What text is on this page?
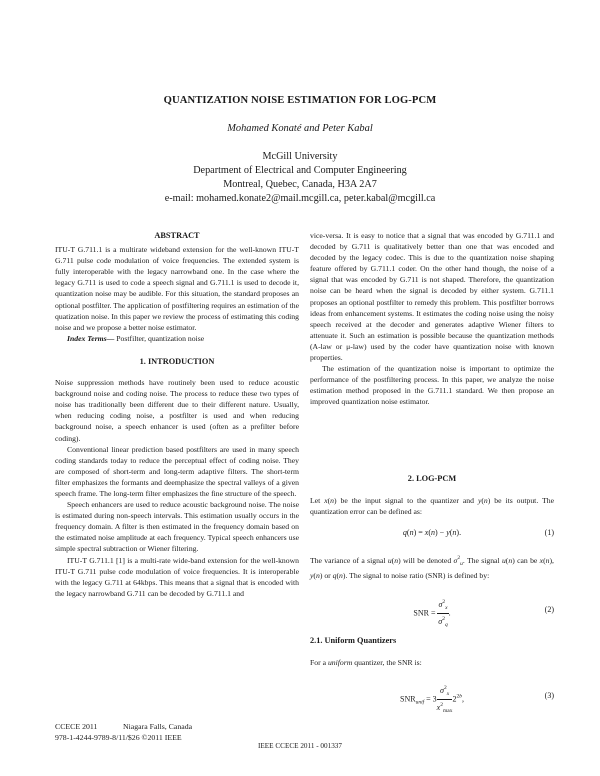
QUANTIZATION NOISE ESTIMATION FOR LOG-PCM
Mohamed Konaté and Peter Kabal
McGill University
Department of Electrical and Computer Engineering
Montreal, Quebec, Canada, H3A 2A7
e-mail: mohamed.konate2@mail.mcgill.ca, peter.kabal@mcgill.ca
ABSTRACT

ITU-T G.711.1 is a multirate wideband extension for the well-known ITU-T G.711 pulse code modulation of voice frequencies. The extended system is fully interoperable with the legacy narrowband one. In the case where the legacy G.711 is used to code a speech signal and G.711.1 is used to decode it, quantization noise may be audible. For this situation, the standard proposes an optional postfilter. The application of postfiltering requires an estimation of the quatization noise. In this paper we review the process of estimating this coding noise and we propose a better noise estimator.

Index Terms— Postfilter, quantization noise

1. INTRODUCTION

Noise suppression methods have routinely been used to reduce acoustic background noise and coding noise. The process to reduce these two types of noise has traditionally been different due to their different nature. Usually, when reducing coding noise, a postfilter is used and when reducing background noise, a speech enhancer is used (often as a prefilter before coding).

Conventional linear prediction based postfilters are used in many speech coding standards today to reduce the perceptual effect of coding noise. They are composed of short-term and long-term adaptive filters. The short-term filter emphasizes the formants and deemphasize the spectral valleys of a given speech frame. The long-term filter emphasizes the fine structure of the speech.

Speech enhancers are used to reduce acoustic background noise. The noise is estimated during non-speech intervals. This estimation usually occurs in the frequency domain. A filter is then estimated in the frequency domain based on the estimated noise amplitude at each frequency. Typical speech enhancers use simple spectral subtraction or Wiener filtering.

ITU-T G.711.1 [1] is a multi-rate wide-band extension for the well-known ITU-T G.711 pulse code modulation of voice frequencies. It is interoperable with the legacy G.711 at 64kbps. This means that a signal that is encoded with the legacy narrowband G.711 can be decoded by G.711.1 and

vice-versa. It is easy to notice that a signal that was encoded by G.711.1 and decoded by G.711 is qualitatively better than one that was encoded and decoded by the legacy codec. This is due to the quantization noise shaping feature offered by G.711.1 coder. On the other hand though, the noise of a signal that was encoded by G.711 is not shaped. Therefore, the quantization noise can be heard when the signal is decoded by either system. G.711.1 proposes an optional postfilter to remedy this problem. This postfilter borrows ideas from enhancement systems. It estimates the coding noise using the noisy speech received at the decoder and generates adaptive Wiener filters to attenuate it. Such an estimation is possible because the quantization methods (A-law or μ-law) used by the coder have quantization noise with known properties.

The estimation of the quantization noise is important to optimize the performance of the postfiltering process. In this paper, we analyze the noise estimation method proposed in the G.711.1 standard. We then propose an improved quantization noise estimator.

2. LOG-PCM

Let x(n) be the input signal to the quantizer and y(n) be its output. The quantization error can be defined as:

q(n) = x(n) − y(n).	(1)

The variance of a signal u(n) will be denoted $\sigma^2_u$. The signal u(n) can be x(n), y(n) or q(n). The signal to noise ratio (SNR) is defined by:

SNR = $\frac{\sigma^2_x}{\sigma^2_q}$ .	(2)
2.1. Uniform Quantizers

For a uniform quantizer, the SNR is:

$SNR_{unif} = 3 \frac{\sigma^2_x}{x^2_{max}} 2^{2b}$,	(3)
CCECE 2011	Niagara Falls, Canada
978-1-4244-9789-8/11/$26 ©2011 IEEE
IEEE CCECE 2011 - 001337
